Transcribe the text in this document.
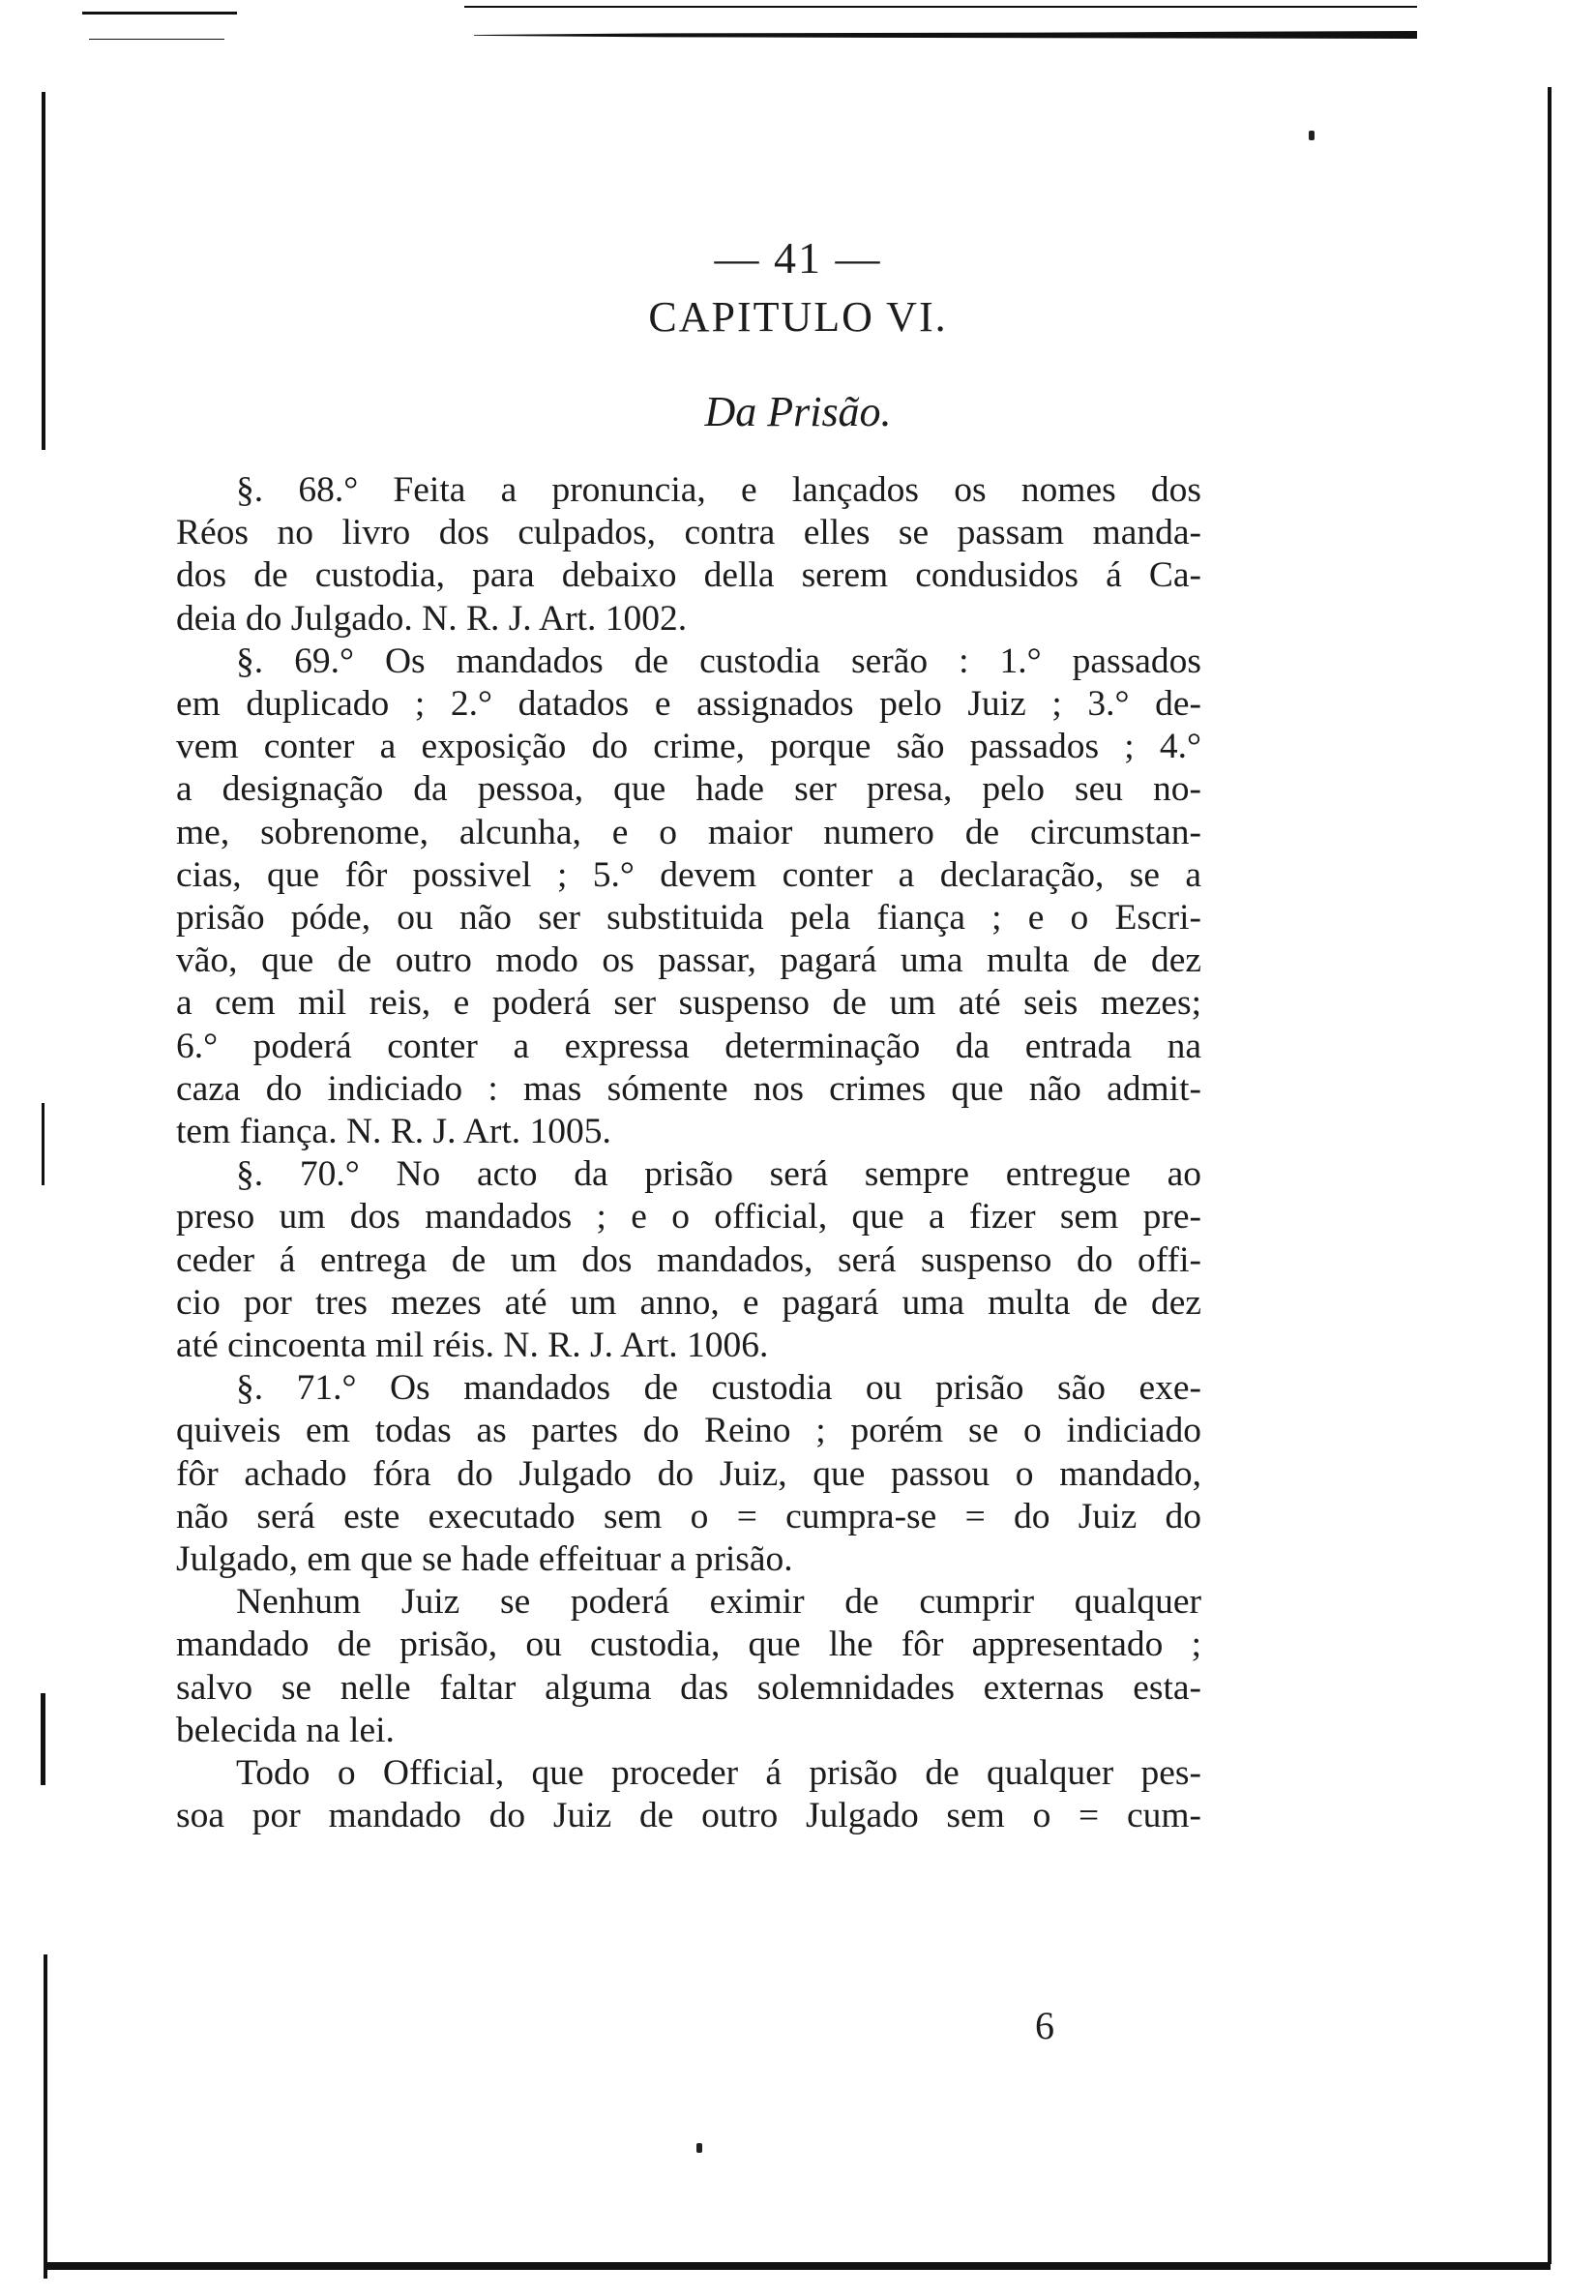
— 41 —
CAPITULO VI.
Da Prisão.

§. 68.° Feita a pronuncia, e lançados os nomes dos

Réos no livro dos culpados, contra elles se passam manda-

dos de custodia, para debaixo della serem condusidos á Ca-

deia do Julgado. N. R. J. Art. 1002.

§. 69.° Os mandados de custodia serão : 1.° passados

em duplicado ; 2.° datados e assignados pelo Juiz ; 3.° de-

vem conter a exposição do crime, porque são passados ; 4.°

a designação da pessoa, que hade ser presa, pelo seu no-

me, sobrenome, alcunha, e o maior numero de circumstan-

cias, que fôr possivel ; 5.° devem conter a declaração, se a

prisão póde, ou não ser substituida pela fiança ; e o Escri-

vão, que de outro modo os passar, pagará uma multa de dez

a cem mil reis, e poderá ser suspenso de um até seis mezes;

6.° poderá conter a expressa determinação da entrada na

caza do indiciado : mas sómente nos crimes que não admit-

tem fiança. N. R. J. Art. 1005.

§. 70.° No acto da prisão será sempre entregue ao

preso um dos mandados ; e o official, que a fizer sem pre-

ceder á entrega de um dos mandados, será suspenso do offi-

cio por tres mezes até um anno, e pagará uma multa de dez

até cincoenta mil réis. N. R. J. Art. 1006.

§. 71.° Os mandados de custodia ou prisão são exe-

quiveis em todas as partes do Reino ; porém se o indiciado

fôr achado fóra do Julgado do Juiz, que passou o mandado,

não será este executado sem o = cumpra-se = do Juiz do

Julgado, em que se hade effeituar a prisão.

Nenhum Juiz se poderá eximir de cumprir qualquer

mandado de prisão, ou custodia, que lhe fôr appresentado ;

salvo se nelle faltar alguma das solemnidades externas esta-

belecida na lei.

Todo o Official, que proceder á prisão de qualquer pes-

soa por mandado do Juiz de outro Julgado sem o = cum-

6
